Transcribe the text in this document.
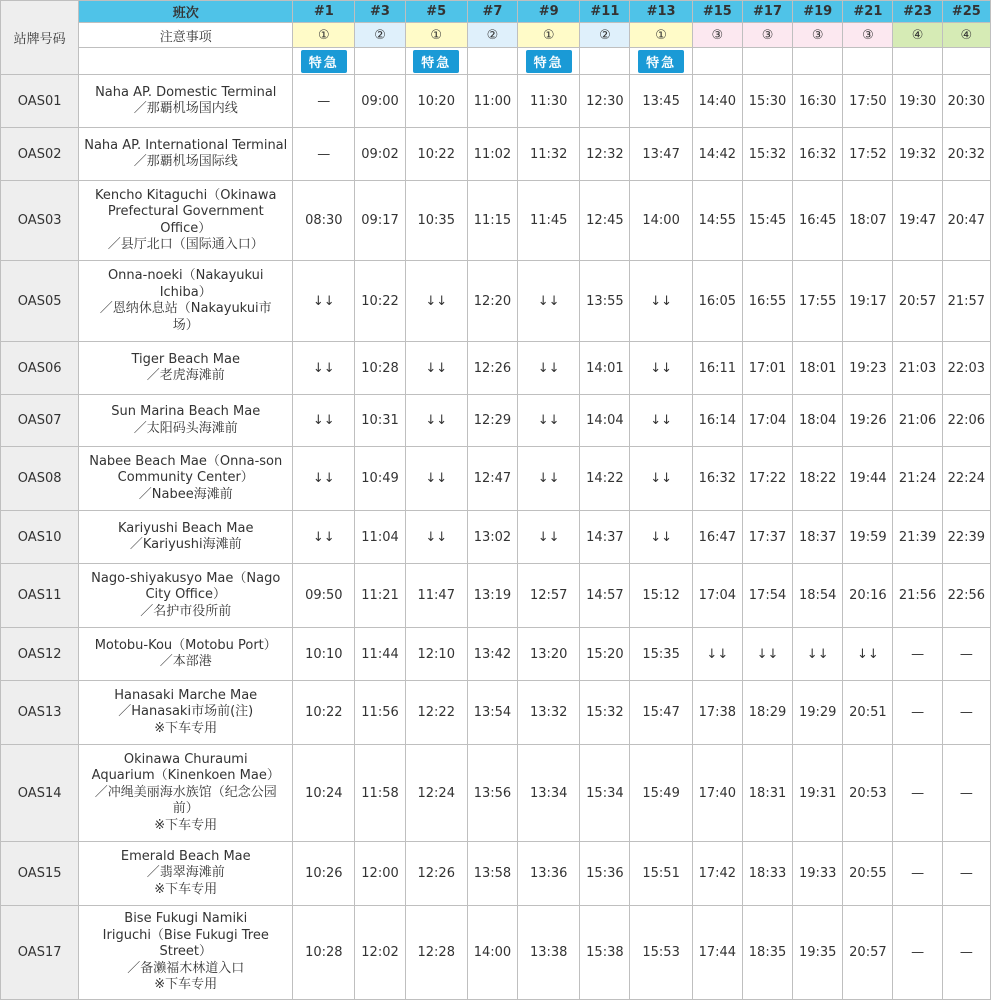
站牌号码	班次	#1	#3	#5	#7	#9	#11	#13	#15	#17	#19	#21	#23	#25
	注意事项	①	②	①	②	①	②	①	③	③	③	③	④	④
		特急		特急		特急		特急						
OAS01	Naha AP. Domestic Terminal
／那覇机场国内线	—	09:00	10:20	11:00	11:30	12:30	13:45	14:40	15:30	16:30	17:50	19:30	20:30
OAS02	Naha AP. International Terminal
／那覇机场国际线	—	09:02	10:22	11:02	11:32	12:32	13:47	14:42	15:32	16:32	17:52	19:32	20:32
OAS03	Kencho Kitaguchi（Okinawa
Prefectural Government
Office）
／县厅北口（国际通入口）	08:30	09:17	10:35	11:15	11:45	12:45	14:00	14:55	15:45	16:45	18:07	19:47	20:47
OAS05	Onna-noeki（Nakayukui
Ichiba）
／恩纳休息站（Nakayukui市
场）	↓↓	10:22	↓↓	12:20	↓↓	13:55	↓↓	16:05	16:55	17:55	19:17	20:57	21:57
OAS06	Tiger Beach Mae
／老虎海滩前	↓↓	10:28	↓↓	12:26	↓↓	14:01	↓↓	16:11	17:01	18:01	19:23	21:03	22:03
OAS07	Sun Marina Beach Mae
／太阳码头海滩前	↓↓	10:31	↓↓	12:29	↓↓	14:04	↓↓	16:14	17:04	18:04	19:26	21:06	22:06
OAS08	Nabee Beach Mae（Onna-son
Community Center）
／Nabee海滩前	↓↓	10:49	↓↓	12:47	↓↓	14:22	↓↓	16:32	17:22	18:22	19:44	21:24	22:24
OAS10	Kariyushi Beach Mae
／Kariyushi海滩前	↓↓	11:04	↓↓	13:02	↓↓	14:37	↓↓	16:47	17:37	18:37	19:59	21:39	22:39
OAS11	Nago-shiyakusyo Mae（Nago
City Office）
／名护市役所前	09:50	11:21	11:47	13:19	12:57	14:57	15:12	17:04	17:54	18:54	20:16	21:56	22:56
OAS12	Motobu-Kou（Motobu Port）
／本部港	10:10	11:44	12:10	13:42	13:20	15:20	15:35	↓↓	↓↓	↓↓	↓↓	—	—
OAS13	Hanasaki Marche Mae
／Hanasaki市场前(注)
※下车专用	10:22	11:56	12:22	13:54	13:32	15:32	15:47	17:38	18:29	19:29	20:51	—	—
OAS14	Okinawa Churaumi
Aquarium（Kinenkoen Mae）
／冲绳美丽海水族馆（纪念公园
前）
※下车专用	10:24	11:58	12:24	13:56	13:34	15:34	15:49	17:40	18:31	19:31	20:53	—	—
OAS15	Emerald Beach Mae
／翡翠海滩前
※下车专用	10:26	12:00	12:26	13:58	13:36	15:36	15:51	17:42	18:33	19:33	20:55	—	—
OAS17	Bise Fukugi Namiki
Iriguchi（Bise Fukugi Tree
Street）
／备濑福木林道入口
※下车专用	10:28	12:02	12:28	14:00	13:38	15:38	15:53	17:44	18:35	19:35	20:57	—	—
